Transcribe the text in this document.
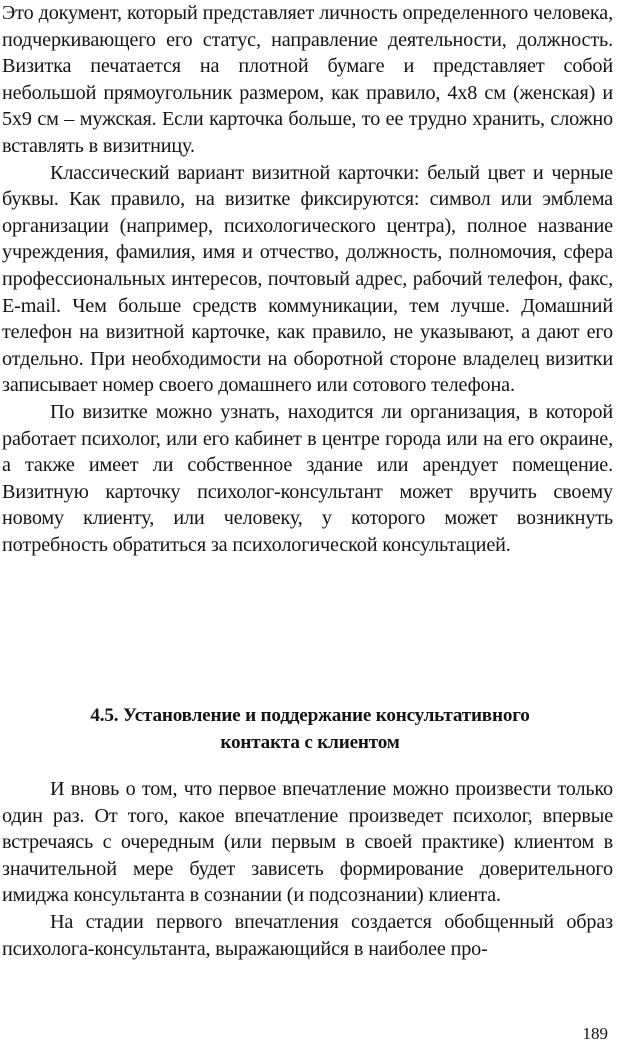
Это документ, который представляет личность определенного человека, подчеркивающего его статус, направление деятельности, должность. Визитка печатается на плотной бумаге и представляет собой небольшой прямоугольник размером, как правило, 4х8 см (женская) и 5х9 см – мужская. Если карточка больше, то ее трудно хранить, сложно вставлять в визитницу.

Классический вариант визитной карточки: белый цвет и черные буквы. Как правило, на визитке фиксируются: символ или эмблема организации (например, психологического центра), полное название учреждения, фамилия, имя и отчество, должность, полномочия, сфера профессиональных интересов, почтовый адрес, рабочий телефон, факс, E-mail. Чем больше средств коммуникации, тем лучше. Домашний телефон на визитной карточке, как правило, не указывают, а дают его отдельно. При необходимости на оборотной стороне владелец визитки записывает номер своего домашнего или сотового телефона.

По визитке можно узнать, находится ли организация, в которой работает психолог, или его кабинет в центре города или на его окраине, а также имеет ли собственное здание или арендует помещение. Визитную карточку психолог-консультант может вручить своему новому клиенту, или человеку, у которого может возникнуть потребность обратиться за психологической консультацией.

4.5. Установление и поддержание консультативного
контакта с клиентом

И вновь о том, что первое впечатление можно произвести только один раз. От того, какое впечатление произведет психолог, впервые встречаясь с очередным (или первым в своей практике) клиентом в значительной мере будет зависеть формирование доверительного имиджа консультанта в сознании (и подсознании) клиента.

На стадии первого впечатления создается обобщенный образ психолога-консультанта, выражающийся в наиболее про-

189
